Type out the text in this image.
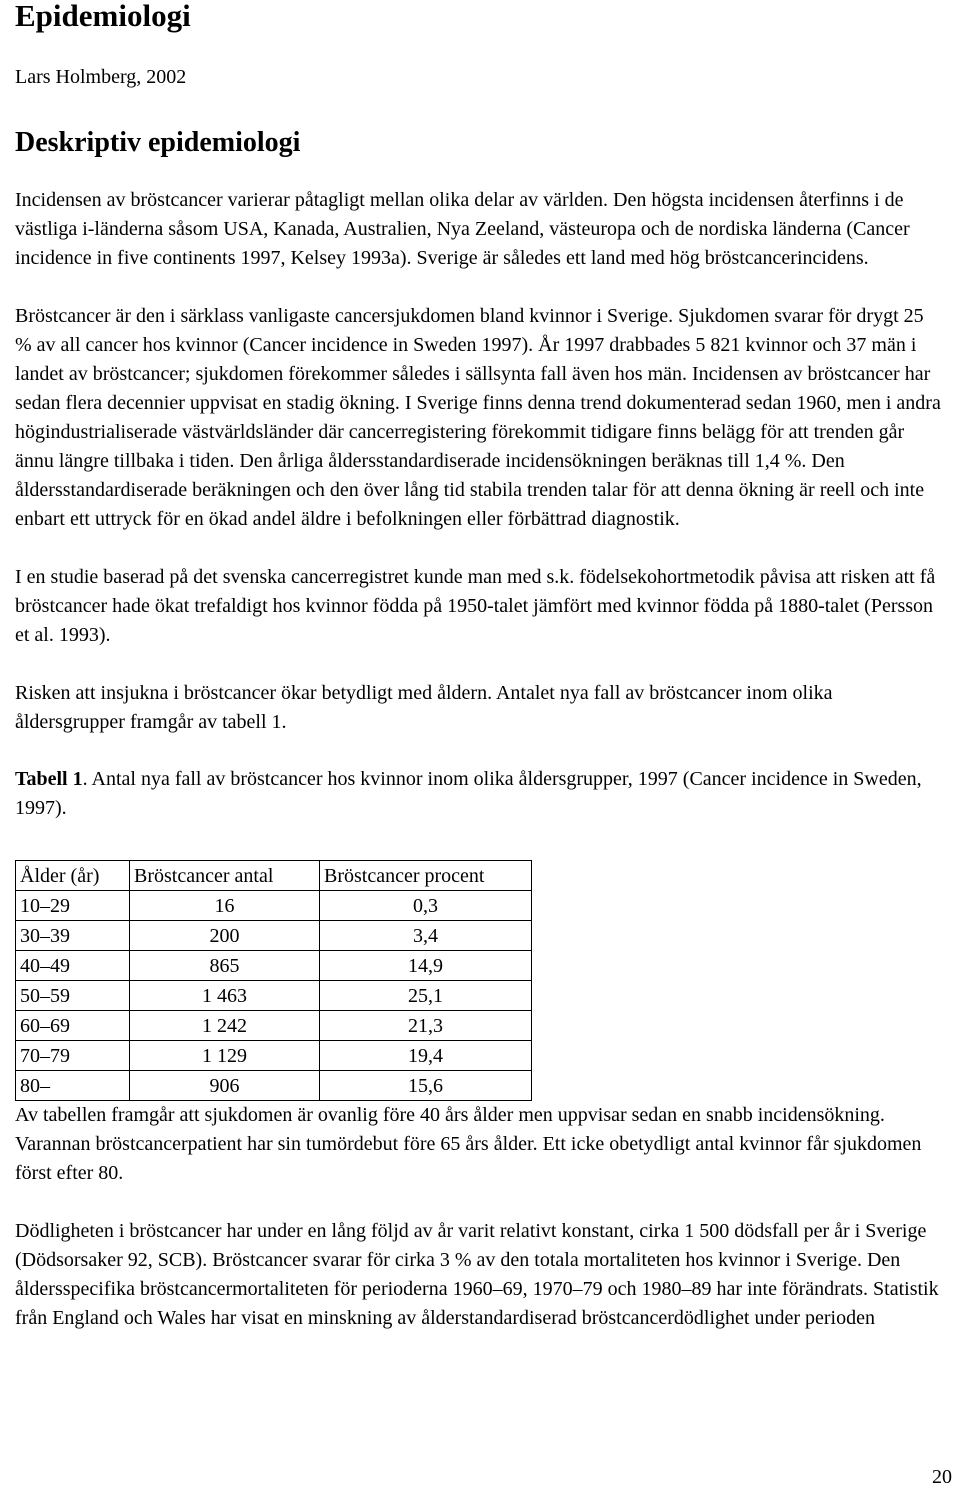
Epidemiologi

Lars Holmberg, 2002

Deskriptiv epidemiologi

Incidensen av bröstcancer varierar påtagligt mellan olika delar av världen. Den högsta incidensen återfinns i de västliga i-länderna såsom USA, Kanada, Australien, Nya Zeeland, västeuropa och de nordiska länderna (Cancer incidence in five continents 1997, Kelsey 1993a). Sverige är således ett land med hög bröstcancerincidens.

Bröstcancer är den i särklass vanligaste cancersjukdomen bland kvinnor i Sverige. Sjukdomen svarar för drygt 25 % av all cancer hos kvinnor (Cancer incidence in Sweden 1997). År 1997 drabbades 5 821 kvinnor och 37 män i landet av bröstcancer; sjukdomen förekommer således i sällsynta fall även hos män. Incidensen av bröstcancer har sedan flera decennier uppvisat en stadig ökning. I Sverige finns denna trend dokumenterad sedan 1960, men i andra högindustrialiserade västvärldsländer där cancerregistering förekommit tidigare finns belägg för att trenden går ännu längre tillbaka i tiden. Den årliga åldersstandardiserade incidensökningen beräknas till 1,4 %. Den åldersstandardiserade beräkningen och den över lång tid stabila trenden talar för att denna ökning är reell och inte enbart ett uttryck för en ökad andel äldre i befolkningen eller förbättrad diagnostik.

I en studie baserad på det svenska cancerregistret kunde man med s.k. födelsekohortmetodik påvisa att risken att få bröstcancer hade ökat trefaldigt hos kvinnor födda på 1950-talet jämfört med kvinnor födda på 1880-talet (Persson et al. 1993).

Risken att insjukna i bröstcancer ökar betydligt med åldern. Antalet nya fall av bröstcancer inom olika åldersgrupper framgår av tabell 1.

Tabell 1. Antal nya fall av bröstcancer hos kvinnor inom olika åldersgrupper, 1997 (Cancer incidence in Sweden, 1997).

Ålder (år)	Bröstcancer antal	Bröstcancer procent
10–29	16	0,3
30–39	200	3,4
40–49	865	14,9
50–59	1 463	25,1
60–69	1 242	21,3
70–79	1 129	19,4
80–	906	15,6

Av tabellen framgår att sjukdomen är ovanlig före 40 års ålder men uppvisar sedan en snabb incidensökning. Varannan bröstcancerpatient har sin tumördebut före 65 års ålder. Ett icke obetydligt antal kvinnor får sjukdomen först efter 80.

Dödligheten i bröstcancer har under en lång följd av år varit relativt konstant, cirka 1 500 dödsfall per år i Sverige (Dödsorsaker 92, SCB). Bröstcancer svarar för cirka 3 % av den totala mortaliteten hos kvinnor i Sverige. Den åldersspecifika bröstcancermortaliteten för perioderna 1960–69, 1970–79 och 1980–89 har inte förändrats. Statistik från England och Wales har visat en minskning av ålderstandardiserad bröstcancerdödlighet under perioden

20
